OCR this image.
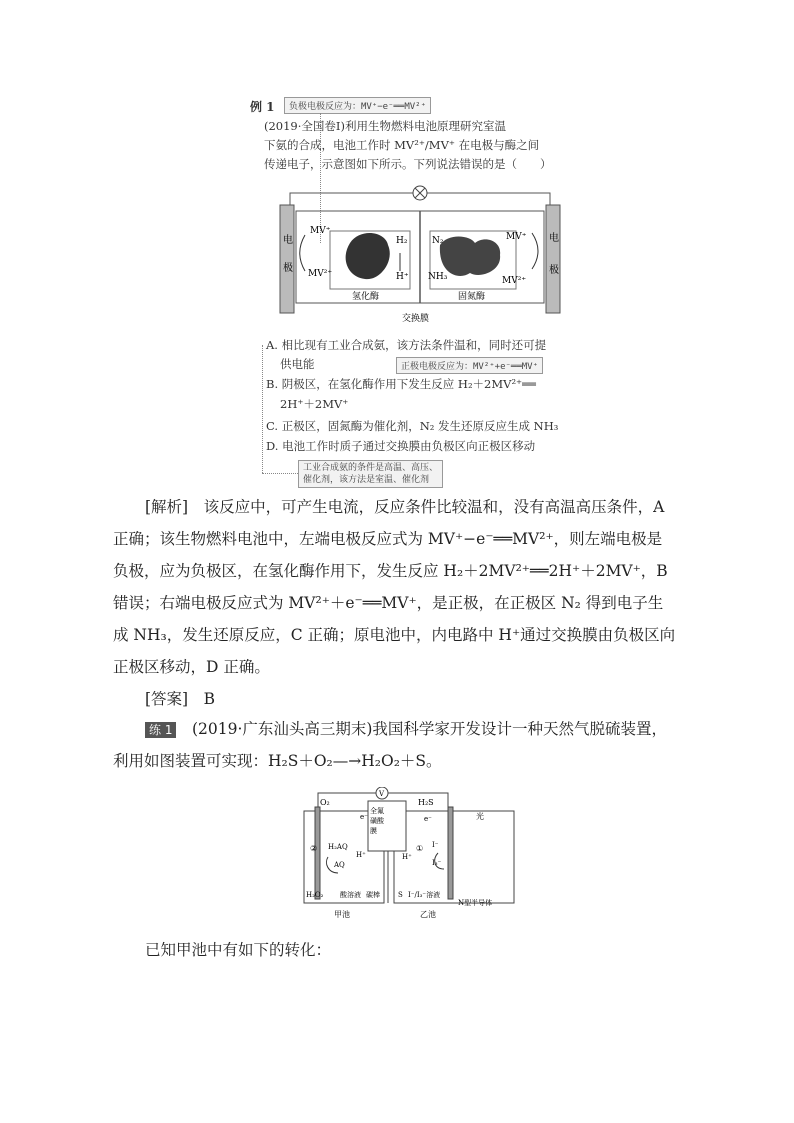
例 1	负极电极反应为：MV⁺−e⁻══MV²⁺
(2019·全国卷Ⅰ)利用生物燃料电池原理研究室温
下氨的合成，电池工作时 MV²⁺/MV⁺ 在电极与酶之间
传递电子，示意图如下所示。下列说法错误的是（　　）
电
极
电
极
MV⁺
MV²⁺
H₂
H⁺
N₂
NH₃
MV⁺
MV²⁺
氢化酶	固氮酶
交换膜
A. 相比现有工业合成氨，该方法条件温和，同时还可提
供电能	正极电极反应为：MV²⁺+e⁻══MV⁺
B. 阴极区，在氢化酶作用下发生反应 H₂＋2MV²⁺══
2H⁺＋2MV⁺
C. 正极区，固氮酶为催化剂，N₂ 发生还原反应生成 NH₃
D. 电池工作时质子通过交换膜由负极区向正极区移动
工业合成氨的条件是高温、高压、
催化剂，该方法是室温、催化剂
[解析]　 该反应中，可产生电流，反应条件比较温和，没有高温高压条件，A
正确；该生物燃料电池中，左端电极反应式为 MV⁺−e⁻══MV²⁺，则左端电极是
负极，应为负极区，在氢化酶作用下，发生反应 H₂＋2MV²⁺══2H⁺＋2MV⁺，B
错误；右端电极反应式为 MV²⁺＋e⁻══MV⁺，是正极，在正极区 N₂ 得到电子生
成 NH₃，发生还原反应，C 正确；原电池中，内电路中 H⁺通过交换膜由负极区向
正极区移动，D 正确。
[答案]　 B
练 1　 (2019·广东汕头高三期末)我国科学家开发设计一种天然气脱硫装置，
利用如图装置可实现：H₂S＋O₂—→H₂O₂＋S。
V
O₂
e⁻
全氟
磺酸
膜
H₂S
e⁻	光
② H₂AQ
AQ
H⁺	H⁺
① I⁻
I₃⁻
H₂O₂ 酸溶液 碳棒	S I⁻/I₃⁻溶液
N型半导体
甲池	乙池
已知甲池中有如下的转化：
